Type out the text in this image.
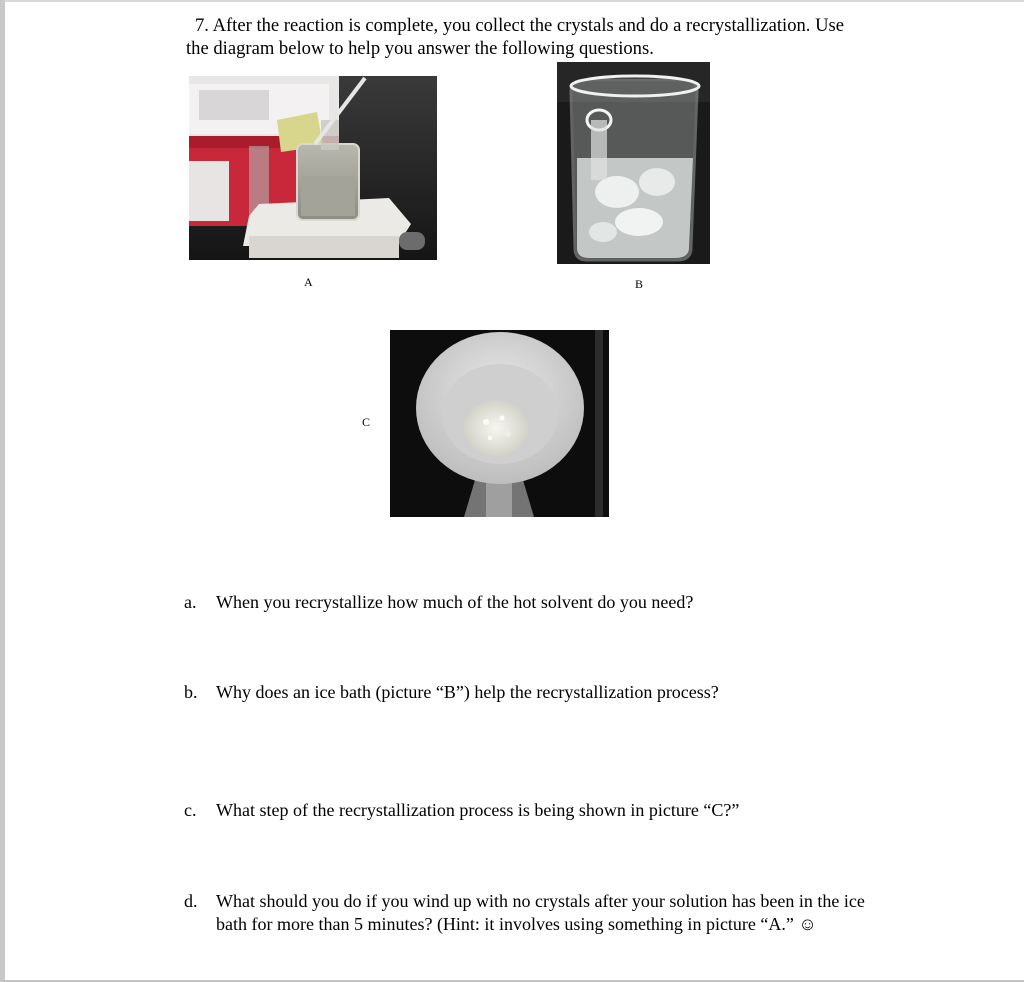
7. After the reaction is complete, you collect the crystals and do a recrystallization. Use
the diagram below to help you answer the following questions.

A	B
C
a. When you recrystallize how much of the hot solvent do you need?
b. Why does an ice bath (picture “B”) help the recrystallization process?
c. What step of the recrystallization process is being shown in picture “C?”
d. What should you do if you wind up with no crystals after your solution has been in the ice bath for more than 5 minutes? (Hint: it involves using something in picture “A.” ☺
